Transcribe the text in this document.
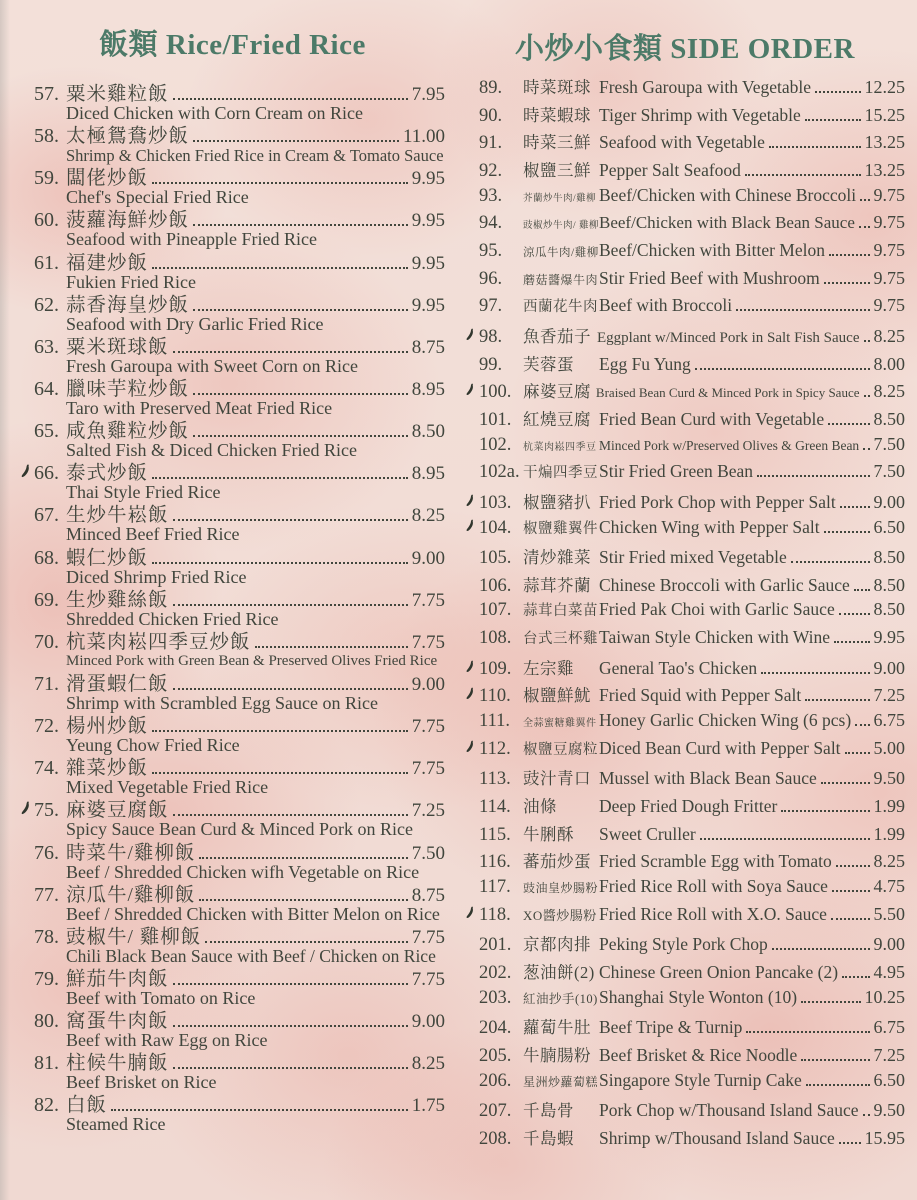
飯類 Rice/Fried Rice
57. 粟米雞粒飯	7.95
Diced Chicken with Corn Cream on Rice
58. 太極鴛鴦炒飯	11.00
Shrimp & Chicken Fried Rice in Cream & Tomato Sauce
59. 闆佬炒飯	9.95
Chef's Special Fried Rice
60. 菠蘿海鮮炒飯	9.95
Seafood with Pineapple Fried Rice
61. 福建炒飯	9.95
Fukien Fried Rice
62. 蒜香海皇炒飯	9.95
Seafood with Dry Garlic Fried Rice
63. 粟米斑球飯	8.75
Fresh Garoupa with Sweet Corn on Rice
64. 臘味芋粒炒飯	8.95
Taro with Preserved Meat Fried Rice
65. 咸魚雞粒炒飯	8.50
Salted Fish & Diced Chicken Fried Rice
66. 泰式炒飯	8.95
Thai Style Fried Rice
67. 生炒牛崧飯	8.25
Minced Beef Fried Rice
68. 蝦仁炒飯	9.00
Diced Shrimp Fried Rice
69. 生炒雞絲飯	7.75
Shredded Chicken Fried Rice
70. 杭菜肉崧四季豆炒飯	7.75
Minced Pork with Green Bean & Preserved Olives Fried Rice
71. 滑蛋蝦仁飯	9.00
Shrimp with Scrambled Egg Sauce on Rice
72. 楊州炒飯	7.75
Yeung Chow Fried Rice
74. 雜菜炒飯	7.75
Mixed Vegetable Fried Rice
75. 麻婆豆腐飯	7.25
Spicy Sauce Bean Curd & Minced Pork on Rice
76. 時菜牛/雞柳飯	7.50
Beef / Shredded Chicken wifh Vegetable on Rice
77. 涼瓜牛/雞柳飯	8.75
Beef / Shredded Chicken with Bitter Melon on Rice
78. 豉椒牛/ 雞柳飯	7.75
Chili Black Bean Sauce with Beef / Chicken on Rice
79. 鮮茄牛肉飯	7.75
Beef with Tomato on Rice
80. 窩蛋牛肉飯	9.00
Beef with Raw Egg on Rice
81. 柱候牛腩飯	8.25
Beef Brisket on Rice
82. 白飯	1.75
Steamed Rice
小炒小食類 SIDE ORDER
89.	時菜斑球 Fresh Garoupa with Vegetable	12.25
90.	時菜蝦球 Tiger Shrimp with Vegetable	15.25
91.	時菜三鮮 Seafood with Vegetable	13.25
92.	椒鹽三鮮 Pepper Salt Seafood	13.25
93.	芥蘭炒牛肉/雞柳 Beef/Chicken with Chinese Broccoli 9.75
94.	豉椒炒牛肉/ 雞柳 Beef/Chicken with Black Bean Sauce 9.75
95.	涼瓜牛肉/雞柳 Beef/Chicken with Bitter Melon	9.75
96.	蘑菇醬爆牛肉 Stir Fried Beef with Mushroom	9.75
97.	西蘭花牛肉 Beef with Broccoli	9.75
98.	魚香茄子 Eggplant w/Minced Pork in Salt Fish Sauce 8.25
99.	芙蓉蛋	Egg Fu Yung	8.00
100. 麻婆豆腐 Braised Bean Curd & Minced Pork in Spicy Sauce 8.25
101. 紅燒豆腐 Fried Bean Curd with Vegetable	8.50
102.	杭菜肉崧四季豆 Minced Pork w/Preserved Olives & Green Bean 7.50
102a. 干煸四季豆 Stir Fried Green Bean	7.50
103. 椒鹽豬扒 Fried Pork Chop with Pepper Salt 9.00
104. 椒鹽雞翼件 Chicken Wing with Pepper Salt	6.50
105. 清炒雜菜 Stir Fried mixed Vegetable	8.50
106. 蒜茸芥蘭 Chinese Broccoli with Garlic Sauce 8.50
107. 蒜茸白菜苗 Fried Pak Choi with Garlic Sauce 8.50
108. 台式三杯雞 Taiwan Style Chicken with Wine 9.95
109. 左宗雞	General Tao's Chicken	9.00
110. 椒鹽鮮魷 Fried Squid with Pepper Salt	7.25
111.	全蒜蜜糖雞翼件 Honey Garlic Chicken Wing (6 pcs) 6.75
112. 椒鹽豆腐粒 Diced Bean Curd with Pepper Salt 5.00
113. 豉汁青口 Mussel with Black Bean Sauce	9.50
114. 油條	Deep Fried Dough Fritter	1.99
115. 牛脷酥	Sweet Cruller	1.99
116. 蕃茄炒蛋 Fried Scramble Egg with Tomato 8.25
117.	豉油皇炒腸粉 Fried Rice Roll with Soya Sauce	4.75
118. XO醬炒腸粉 Fried Rice Roll with X.O. Sauce	5.50
201. 京都肉排 Peking Style Pork Chop	9.00
202. 葱油餅(2) Chinese Green Onion Pancake (2) 4.95
203. 紅油抄手(10) Shanghai Style Wonton (10)	10.25
204. 蘿蔔牛肚 Beef Tripe & Turnip	6.75
205. 牛腩腸粉 Beef Brisket & Rice Noodle	7.25
206. 星洲炒蘿蔔糕 Singapore Style Turnip Cake	6.50
207. 千島骨	Pork Chop w/Thousand Island Sauce 9.50
208. 千島蝦	Shrimp w/Thousand Island Sauce 15.95
